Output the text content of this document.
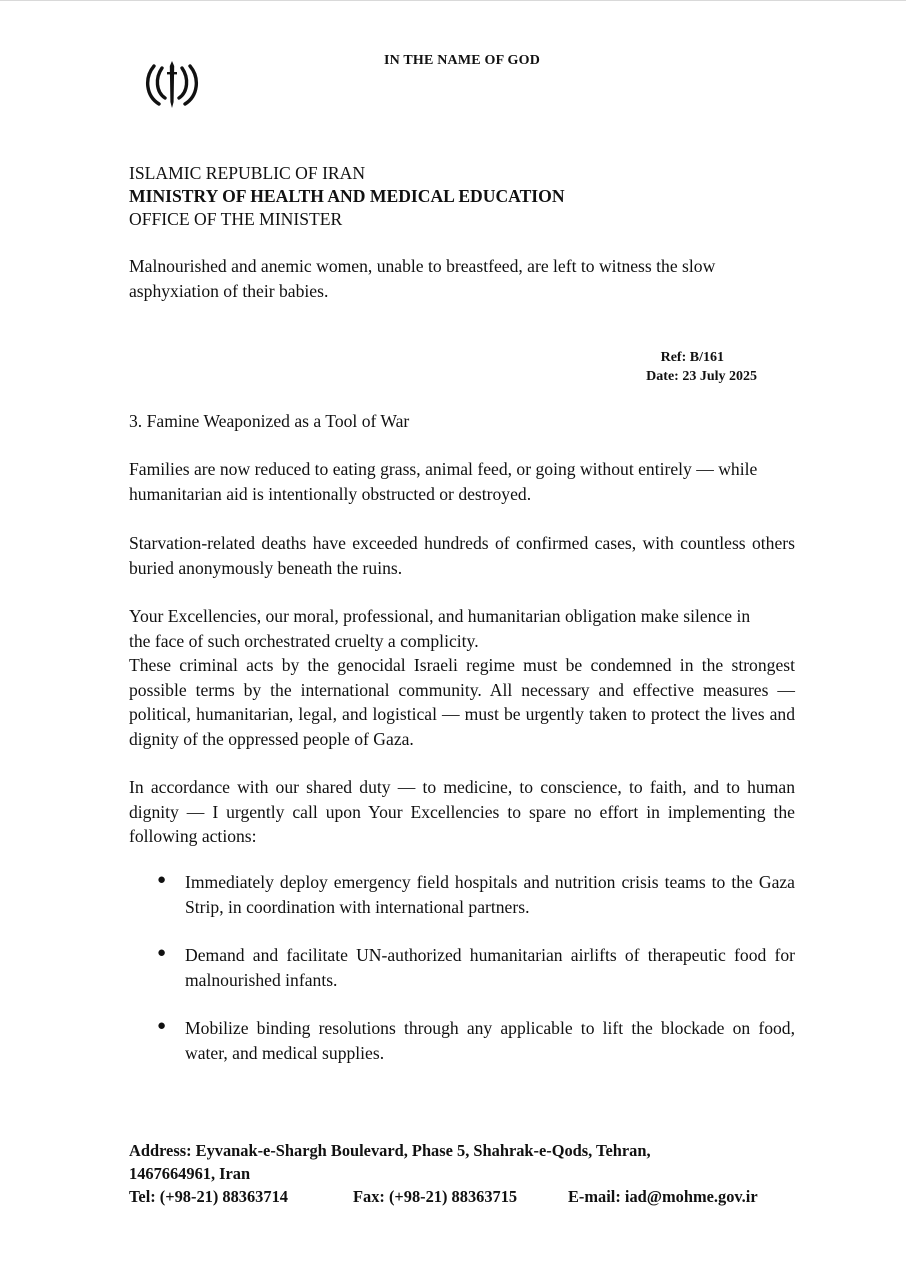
IN THE NAME OF GOD
ISLAMIC REPUBLIC OF IRAN
MINISTRY OF HEALTH AND MEDICAL EDUCATION
OFFICE OF THE MINISTER

Malnourished and anemic women, unable to breastfeed, are left to witness the slow asphyxiation of their babies.

Ref: B/161
Date: 23 July 2025

3. Famine Weaponized as a Tool of War

Families are now reduced to eating grass, animal feed, or going without entirely — while humanitarian aid is intentionally obstructed or destroyed.

Starvation-related deaths have exceeded hundreds of confirmed cases, with countless others buried anonymously beneath the ruins.

Your Excellencies, our moral, professional, and humanitarian obligation make silence in the face of such orchestrated cruelty a complicity.

These criminal acts by the genocidal Israeli regime must be condemned in the strongest possible terms by the international community. All necessary and effective measures — political, humanitarian, legal, and logistical — must be urgently taken to protect the lives and dignity of the oppressed people of Gaza.

In accordance with our shared duty — to medicine, to conscience, to faith, and to human dignity — I urgently call upon Your Excellencies to spare no effort in implementing the following actions:

● Immediately deploy emergency field hospitals and nutrition crisis teams to the Gaza Strip, in coordination with international partners.
● Demand and facilitate UN-authorized humanitarian airlifts of therapeutic food for malnourished infants.
● Mobilize binding resolutions through any applicable to lift the blockade on food, water, and medical supplies.
Address: Eyvanak-e-Shargh Boulevard, Phase 5, Shahrak-e-Qods, Tehran, 1467664961, Iran
Tel: (+98-21) 88363714	Fax: (+98-21) 88363715	E-mail: iad@mohme.gov.ir
